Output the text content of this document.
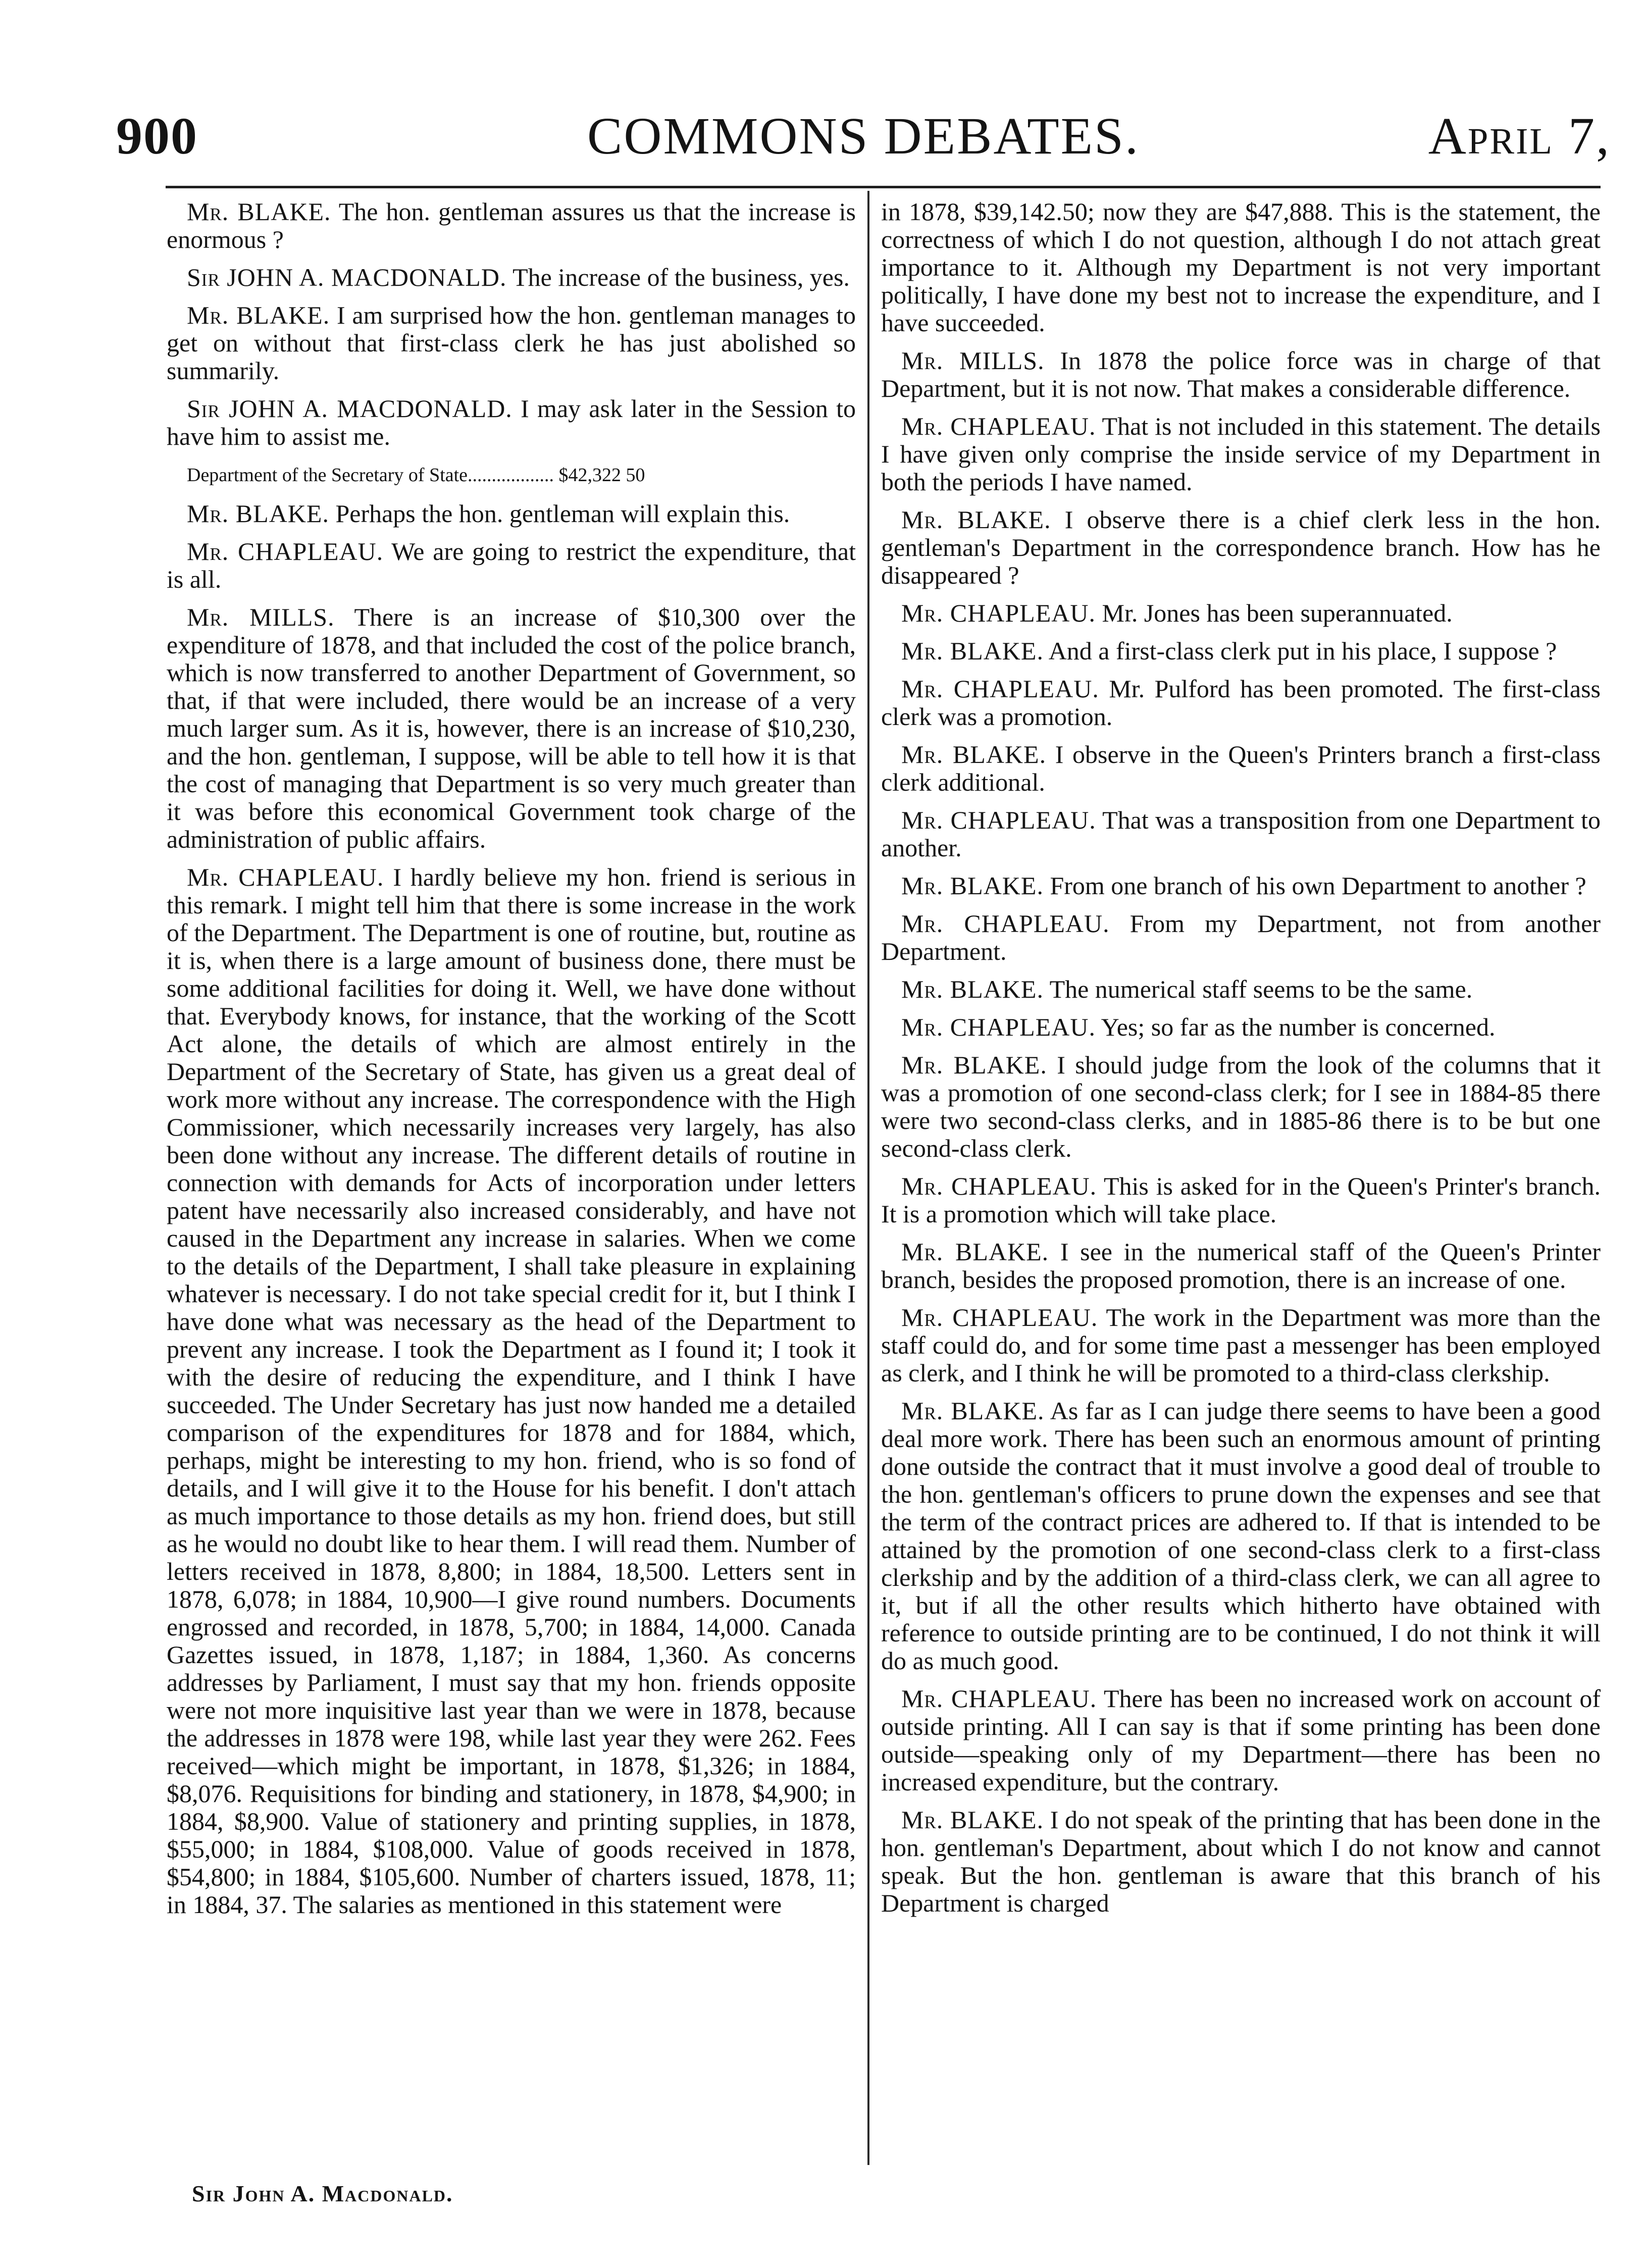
900	COMMONS DEBATES.	April 7,

Mr. BLAKE. The hon. gentleman assures us that the increase is enormous ?

Sir JOHN A. MACDONALD. The increase of the business, yes.

Mr. BLAKE. I am surprised how the hon. gentleman manages to get on without that first-class clerk he has just abolished so summarily.

Sir JOHN A. MACDONALD. I may ask later in the Session to have him to assist me.

Department of the Secretary of State.................. $42,322 50

Mr. BLAKE. Perhaps the hon. gentleman will explain this.

Mr. CHAPLEAU. We are going to restrict the expenditure, that is all.

Mr. MILLS. There is an increase of $10,300 over the expenditure of 1878, and that included the cost of the police branch, which is now transferred to another Department of Government, so that, if that were included, there would be an increase of a very much larger sum. As it is, however, there is an increase of $10,230, and the hon. gentleman, I suppose, will be able to tell how it is that the cost of managing that Department is so very much greater than it was before this economical Government took charge of the administration of public affairs.

Mr. CHAPLEAU. I hardly believe my hon. friend is serious in this remark. I might tell him that there is some increase in the work of the Department. The Department is one of routine, but, routine as it is, when there is a large amount of business done, there must be some additional facilities for doing it. Well, we have done without that. Everybody knows, for instance, that the working of the Scott Act alone, the details of which are almost entirely in the Department of the Secretary of State, has given us a great deal of work more without any increase. The correspondence with the High Commissioner, which necessarily increases very largely, has also been done without any increase. The different details of routine in connection with demands for Acts of incorporation under letters patent have necessarily also increased considerably, and have not caused in the Department any increase in salaries. When we come to the details of the Department, I shall take pleasure in explaining whatever is necessary. I do not take special credit for it, but I think I have done what was necessary as the head of the Department to prevent any increase. I took the Department as I found it; I took it with the desire of reducing the expenditure, and I think I have succeeded. The Under Secretary has just now handed me a detailed comparison of the expenditures for 1878 and for 1884, which, perhaps, might be interesting to my hon. friend, who is so fond of details, and I will give it to the House for his benefit. I don't attach as much importance to those details as my hon. friend does, but still as he would no doubt like to hear them. I will read them. Number of letters received in 1878, 8,800; in 1884, 18,500. Letters sent in 1878, 6,078; in 1884, 10,900—I give round numbers. Documents engrossed and recorded, in 1878, 5,700; in 1884, 14,000. Canada Gazettes issued, in 1878, 1,187; in 1884, 1,360. As concerns addresses by Parliament, I must say that my hon. friends opposite were not more inquisitive last year than we were in 1878, because the addresses in 1878 were 198, while last year they were 262. Fees received—which might be important, in 1878, $1,326; in 1884, $8,076. Requisitions for binding and stationery, in 1878, $4,900; in 1884, $8,900. Value of stationery and printing supplies, in 1878, $55,000; in 1884, $108,000. Value of goods received in 1878, $54,800; in 1884, $105,600. Number of charters issued, 1878, 11; in 1884, 37. The salaries as mentioned in this statement were

in 1878, $39,142.50; now they are $47,888. This is the statement, the correctness of which I do not question, although I do not attach great importance to it. Although my Department is not very important politically, I have done my best not to increase the expenditure, and I have succeeded.

Mr. MILLS. In 1878 the police force was in charge of that Department, but it is not now. That makes a considerable difference.

Mr. CHAPLEAU. That is not included in this statement. The details I have given only comprise the inside service of my Department in both the periods I have named.

Mr. BLAKE. I observe there is a chief clerk less in the hon. gentleman's Department in the correspondence branch. How has he disappeared ?

Mr. CHAPLEAU. Mr. Jones has been superannuated.

Mr. BLAKE. And a first-class clerk put in his place, I suppose ?

Mr. CHAPLEAU. Mr. Pulford has been promoted. The first-class clerk was a promotion.

Mr. BLAKE. I observe in the Queen's Printers branch a first-class clerk additional.

Mr. CHAPLEAU. That was a transposition from one Department to another.

Mr. BLAKE. From one branch of his own Department to another ?

Mr. CHAPLEAU. From my Department, not from another Department.

Mr. BLAKE. The numerical staff seems to be the same.

Mr. CHAPLEAU. Yes; so far as the number is concerned.

Mr. BLAKE. I should judge from the look of the columns that it was a promotion of one second-class clerk; for I see in 1884-85 there were two second-class clerks, and in 1885-86 there is to be but one second-class clerk.

Mr. CHAPLEAU. This is asked for in the Queen's Printer's branch. It is a promotion which will take place.

Mr. BLAKE. I see in the numerical staff of the Queen's Printer branch, besides the proposed promotion, there is an increase of one.

Mr. CHAPLEAU. The work in the Department was more than the staff could do, and for some time past a messenger has been employed as clerk, and I think he will be promoted to a third-class clerkship.

Mr. BLAKE. As far as I can judge there seems to have been a good deal more work. There has been such an enormous amount of printing done outside the contract that it must involve a good deal of trouble to the hon. gentleman's officers to prune down the expenses and see that the term of the contract prices are adhered to. If that is intended to be attained by the promotion of one second-class clerk to a first-class clerkship and by the addition of a third-class clerk, we can all agree to it, but if all the other results which hitherto have obtained with reference to outside printing are to be continued, I do not think it will do as much good.

Mr. CHAPLEAU. There has been no increased work on account of outside printing. All I can say is that if some printing has been done outside—speaking only of my Department—there has been no increased expenditure, but the contrary.

Mr. BLAKE. I do not speak of the printing that has been done in the hon. gentleman's Department, about which I do not know and cannot speak. But the hon. gentleman is aware that this branch of his Department is charged

Sir John A. Macdonald.
